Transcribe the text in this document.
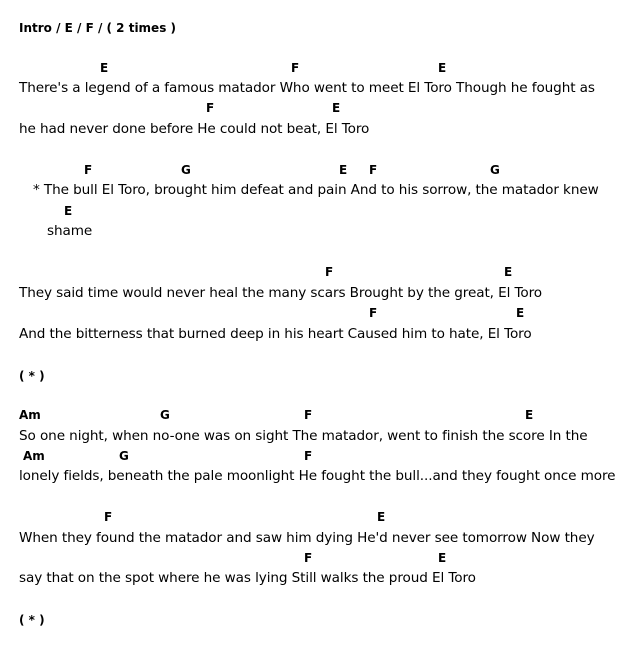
Intro / E / F / ( 2 times )
E	F	E
There's a legend of a famous matador Who went to meet El Toro Though he fought as
F	E
he had never done before He could not beat, El Toro
F	G	E F	G
* The bull El Toro, brought him defeat and pain And to his sorrow, the matador knew
E
shame
F	E
They said time would never heal the many scars Brought by the great, El Toro
F	E
And the bitterness that burned deep in his heart Caused him to hate, El Toro
( * )
Am	G	F	E
So one night, when no-one was on sight The matador, went to finish the score In the
Am	G	F
lonely fields, beneath the pale moonlight He fought the bull...and they fought once more
F	E
When they found the matador and saw him dying He'd never see tomorrow Now they
F	E
say that on the spot where he was lying Still walks the proud El Toro
( * )
